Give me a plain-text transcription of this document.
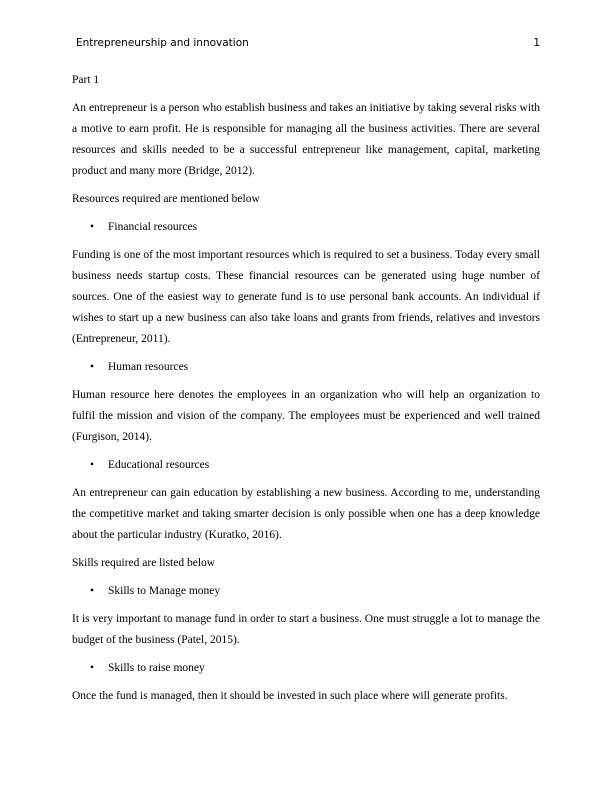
Entrepreneurship and innovation	1

Part 1

An entrepreneur is a person who establish business and takes an initiative by taking several risks with a motive to earn profit. He is responsible for managing all the business activities. There are several resources and skills needed to be a successful entrepreneur like management, capital, marketing product and many more (Bridge, 2012).

Resources required are mentioned below

• Financial resources

Funding is one of the most important resources which is required to set a business. Today every small business needs startup costs. These financial resources can be generated using huge number of sources. One of the easiest way to generate fund is to use personal bank accounts. An individual if wishes to start up a new business can also take loans and grants from friends, relatives and investors (Entrepreneur, 2011).

• Human resources

Human resource here denotes the employees in an organization who will help an organization to fulfil the mission and vision of the company. The employees must be experienced and well trained (Furgison, 2014).

• Educational resources

An entrepreneur can gain education by establishing a new business. According to me, understanding the competitive market and taking smarter decision is only possible when one has a deep knowledge about the particular industry (Kuratko, 2016).

Skills required are listed below

• Skills to Manage money

It is very important to manage fund in order to start a business. One must struggle a lot to manage the budget of the business (Patel, 2015).

• Skills to raise money

Once the fund is managed, then it should be invested in such place where will generate profits.
